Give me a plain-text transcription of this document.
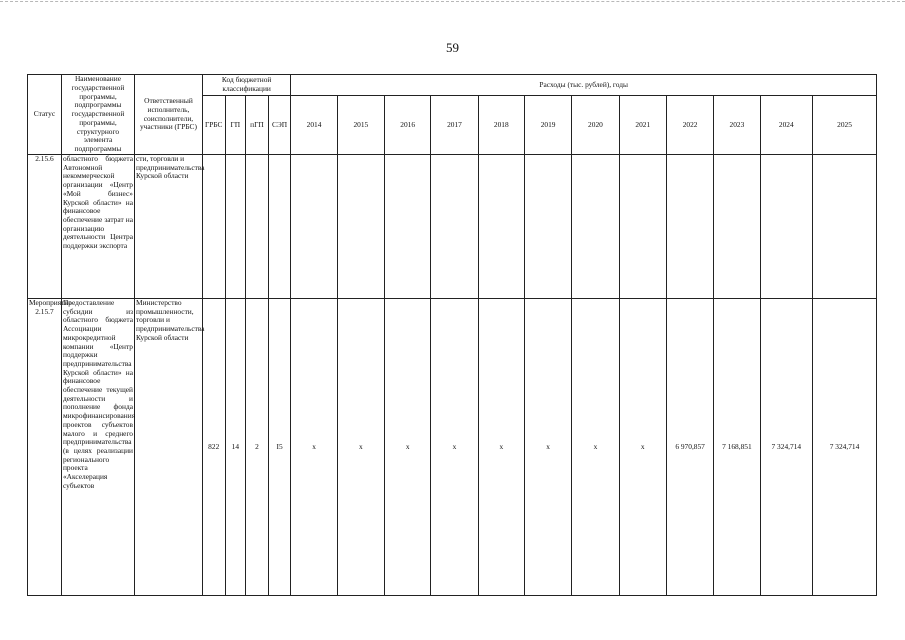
59
Статус	Наименование государственной программы, подпрограммы государственной программы, структурного элемента подпрограммы	Ответственный исполнитель, соисполнители, участники (ГРБС)	Код бюджетной классификации				Расходы (тыс. рублей), годы											
			ГРБС	ГП	пГП	СЭП	2014	2015	2016	2017	2018	2019	2020	2021	2022	2023	2024	2025
2.15.6	областного бюджета Автономной некоммерческой организации «Центр «Мой бизнес» Курской области» на финансовое обеспечение затрат на организацию деятельности Центра поддержки экспорта	сти, торговли и предпринимательства Курской области																
Мероприятие 2.15.7	Предоставление субсидии из областного бюджета Ассоциации микрокредитной компании «Центр поддержки предпринимательства Курской области» на финансовое обеспечение текущей деятельности и пополнение фонда микрофинансирования проектов субъектов малого и среднего предпринимательства (в целях реализации регионального проекта «Акселерация субъектов	Министерство промышленности, торговли и предпринимательства Курской области	822	14	2	I5	x	x	x	x	x	x	x	x	6 970,857	7 168,851	7 324,714	7 324,714
